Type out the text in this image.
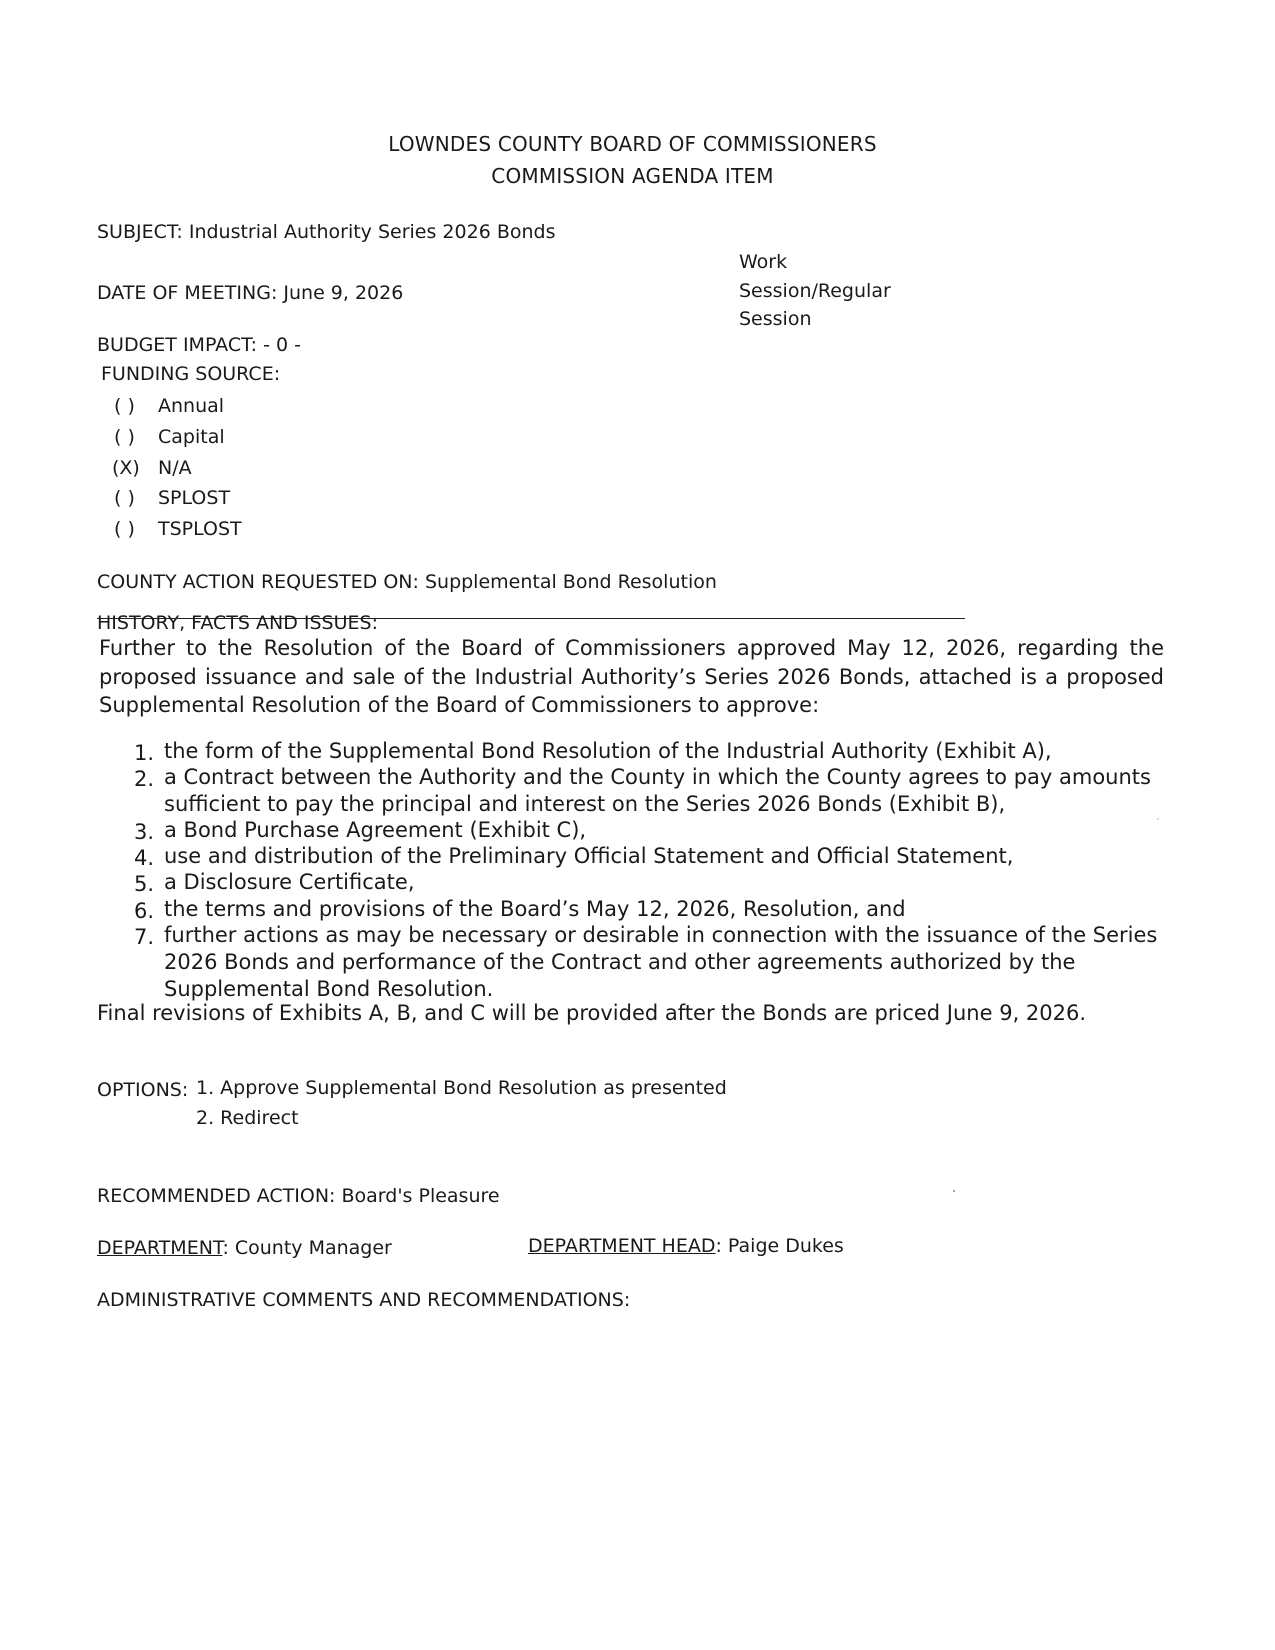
LOWNDES COUNTY BOARD OF COMMISSIONERS
COMMISSION AGENDA ITEM
SUBJECT: Industrial Authority Series 2026 Bonds
Work
Session/Regular
Session
DATE OF MEETING: June 9, 2026
BUDGET IMPACT: - 0 -
FUNDING SOURCE:
( ) Annual
( ) Capital
(X) N/A
( ) SPLOST
( ) TSPLOST
COUNTY ACTION REQUESTED ON: Supplemental Bond Resolution
HISTORY, FACTS AND ISSUES:
Further to the Resolution of the Board of Commissioners approved May 12, 2026, regarding the proposed issuance and sale of the Industrial Authority’s Series 2026 Bonds, attached is a proposed Supplemental Resolution of the Board of Commissioners to approve:
1. the form of the Supplemental Bond Resolution of the Industrial Authority (Exhibit A),
2. a Contract between the Authority and the County in which the County agrees to pay amounts
sufficient to pay the principal and interest on the Series 2026 Bonds (Exhibit B),
3. a Bond Purchase Agreement (Exhibit C),
4. use and distribution of the Preliminary Official Statement and Official Statement,
5. a Disclosure Certificate,
6. the terms and provisions of the Board’s May 12, 2026, Resolution, and
7. further actions as may be necessary or desirable in connection with the issuance of the Series
2026 Bonds and performance of the Contract and other agreements authorized by the
Supplemental Bond Resolution.
Final revisions of Exhibits A, B, and C will be provided after the Bonds are priced June 9, 2026.
OPTIONS: 1. Approve Supplemental Bond Resolution as presented
2. Redirect
RECOMMENDED ACTION: Board's Pleasure
DEPARTMENT: County Manager	DEPARTMENT HEAD: Paige Dukes
ADMINISTRATIVE COMMENTS AND RECOMMENDATIONS:
